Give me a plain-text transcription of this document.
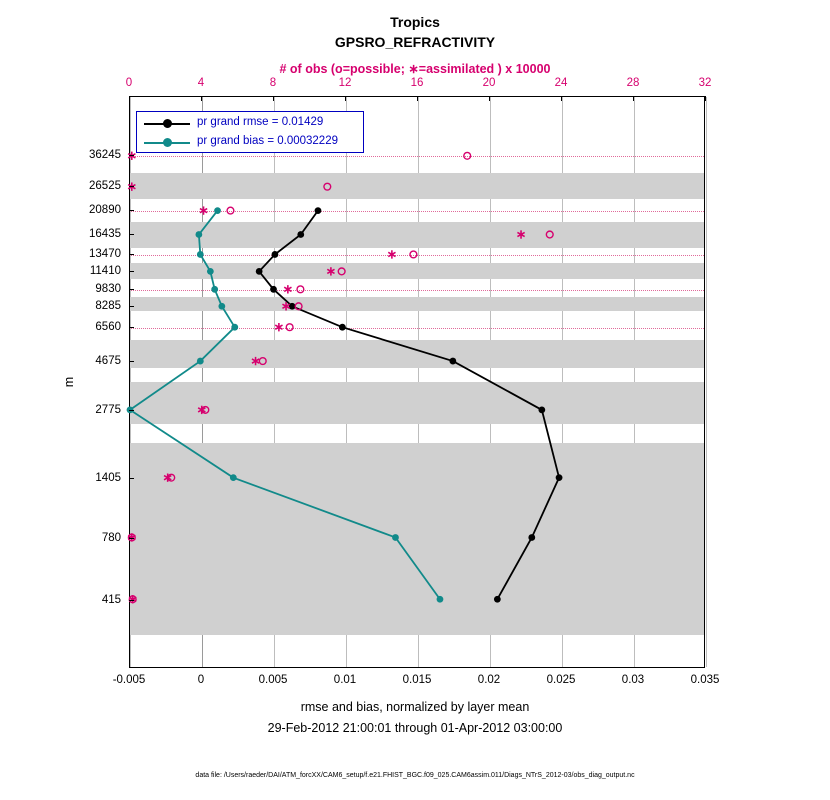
Tropics
GPSRO_REFRACTIVITY
# of obs (o=possible; ∗=assimilated ) x 10000
-0.005	0	0.005	0.01	0.015	0.02	0.025	0.03	0.035
0	4	8	12	16	20	24	28	32
36245
26525
20890
16435
13470
11410
9830
8285
6560
4675
2775
1405
780
415
m
rmse and bias, normalized by layer mean
29-Feb-2012 21:00:01 through 01-Apr-2012 03:00:00
pr grand rmse = 0.01429
pr grand bias = 0.00032229
data file: /Users/raeder/DAI/ATM_forcXX/CAM6_setup/f.e21.FHIST_BGC.f09_025.CAM6assim.011/Diags_NTrS_2012-03/obs_diag_output.nc
